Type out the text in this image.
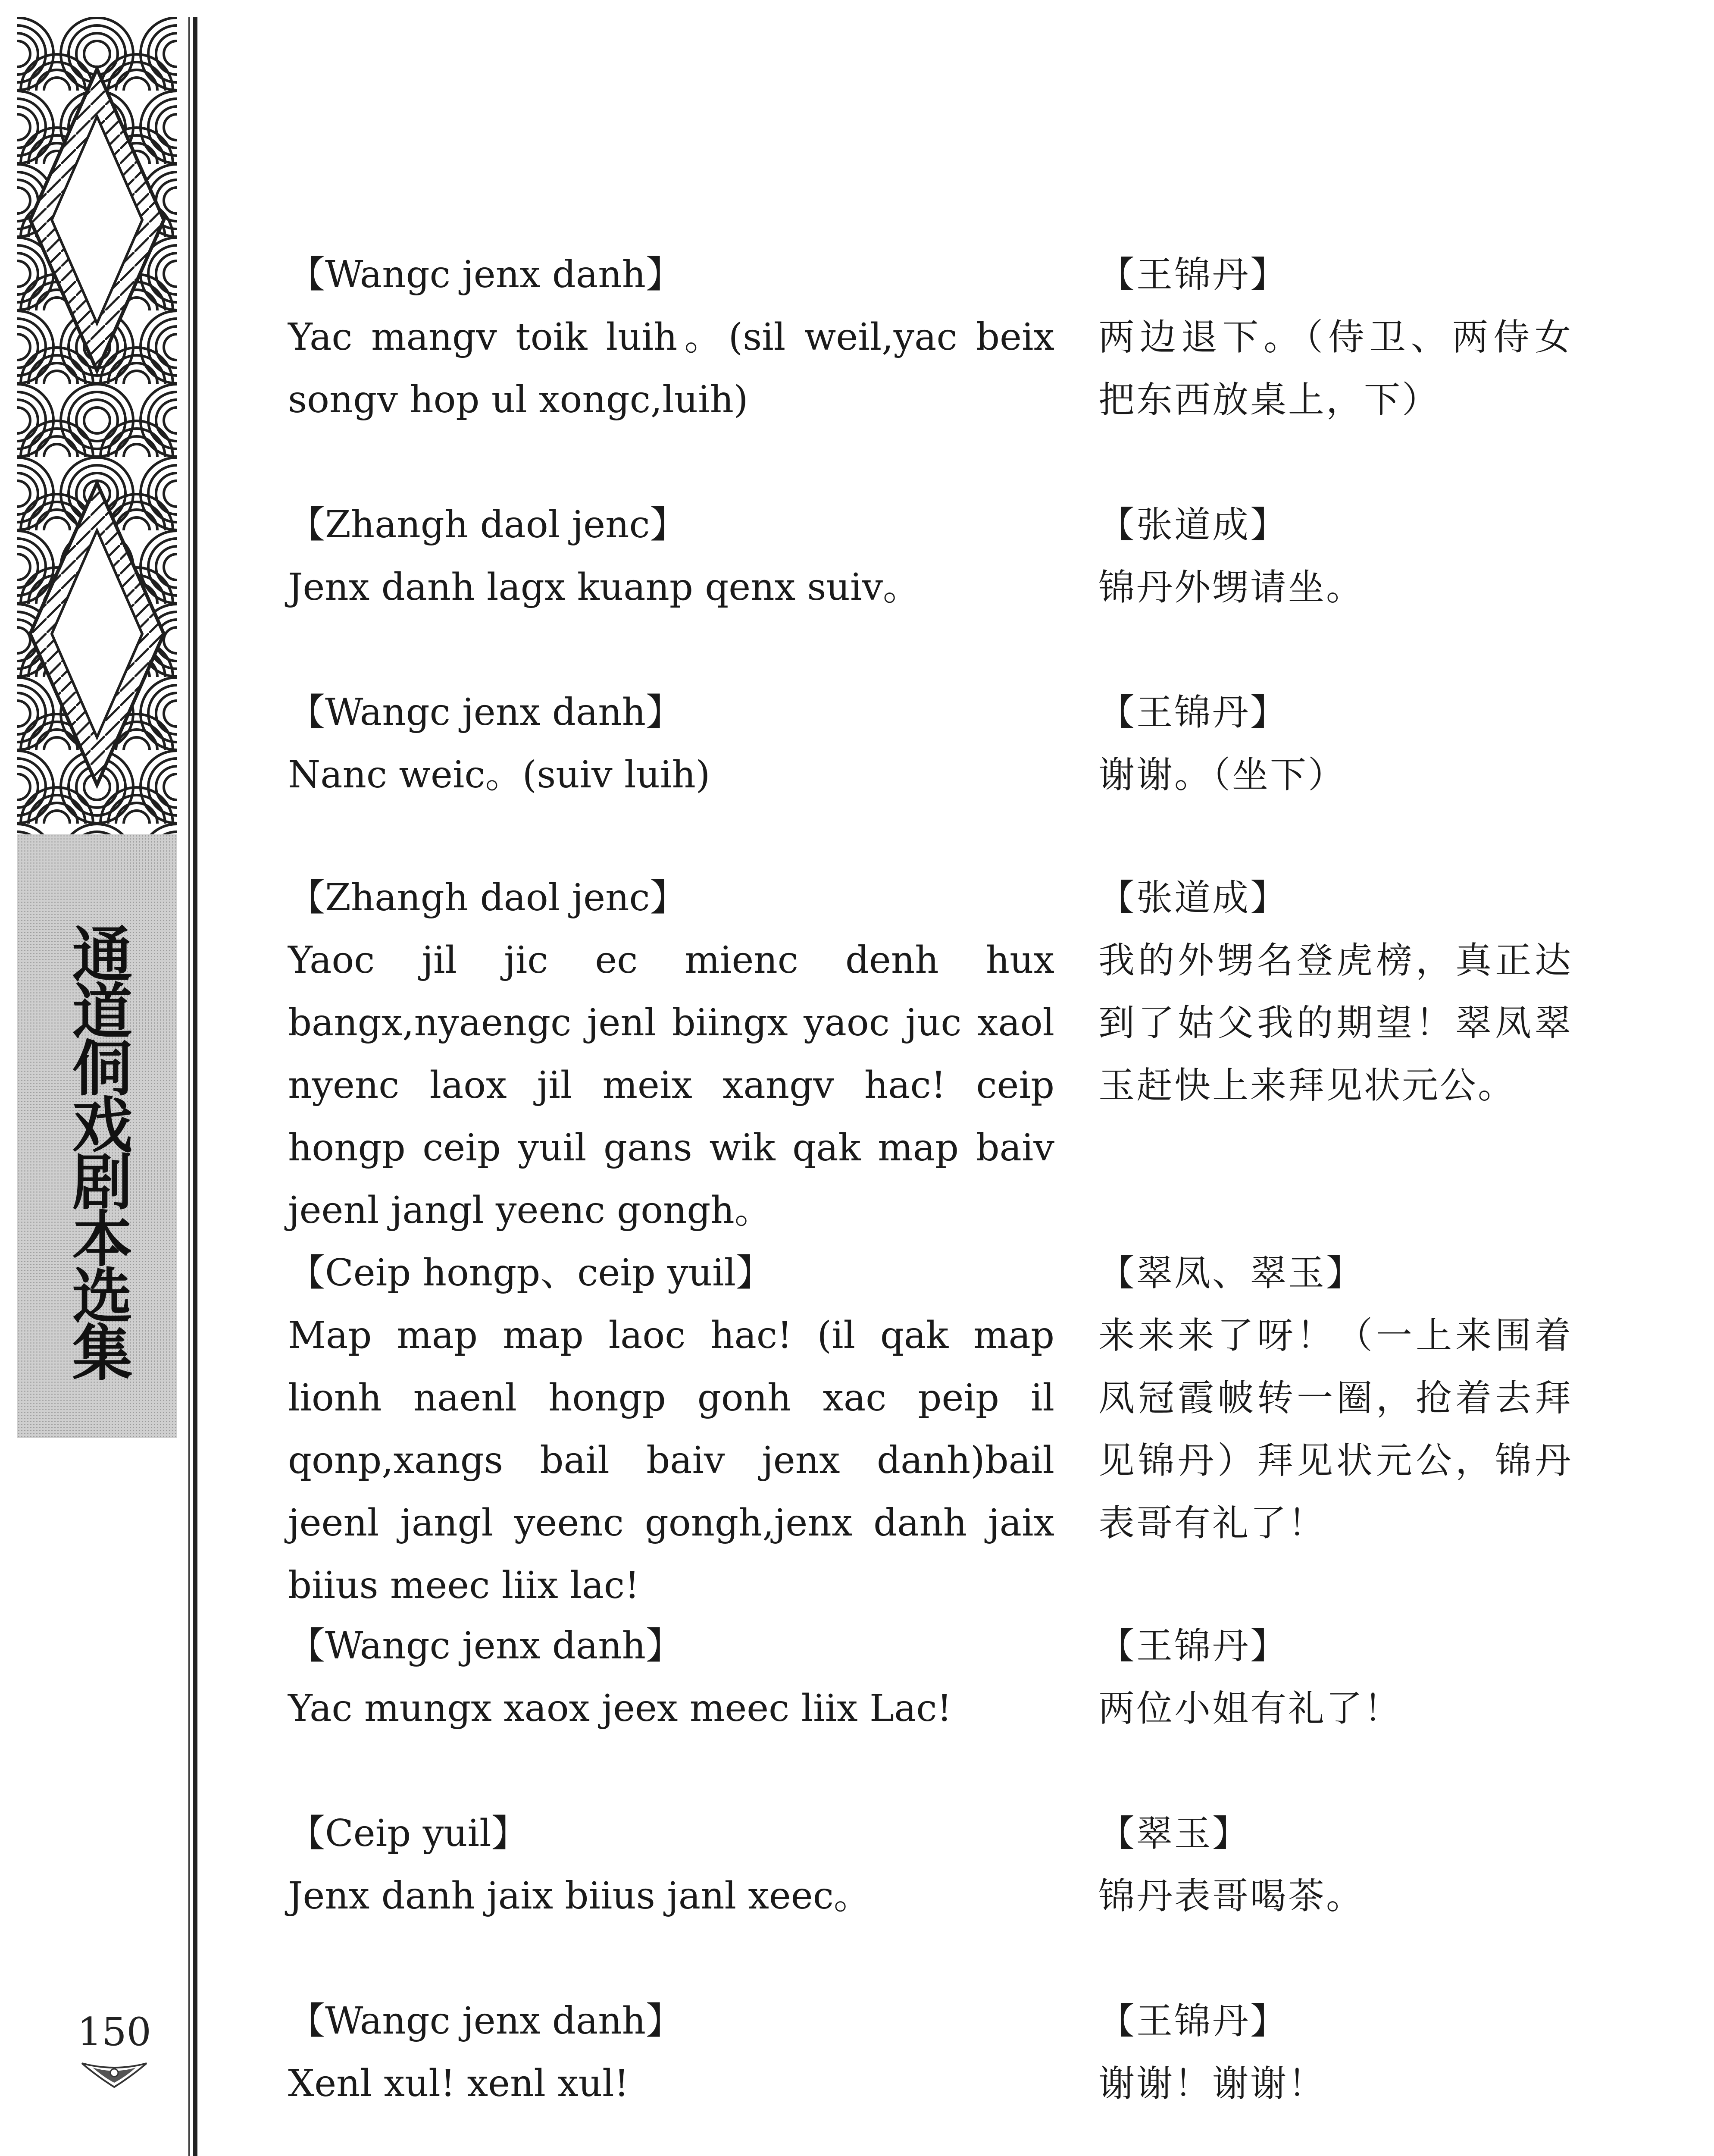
通道侗戏剧本选集
150

【Wangc jenx danh】
Yac mangv toik luih。(sil weil,yac beix songv hop ul xongc,luih)

【王锦丹】
两边退下。（侍卫、两侍女把东西放桌上，下）

【Zhangh daol jenc】
Jenx danh lagx kuanp qenx suiv。

【张道成】
锦丹外甥请坐。

【Wangc jenx danh】
Nanc weic。(suiv luih)

【王锦丹】
谢谢。（坐下）

【Zhangh daol jenc】
Yaoc jil jic ec mienc denh hux bangx,nyaengc jenl biingx yaoc juc xaol nyenc laox jil meix xangv hac! ceip hongp ceip yuil gans wik qak map baiv jeenl jangl yeenc gongh。

【张道成】
我的外甥名登虎榜，真正达到了姑父我的期望！翠凤翠玉赶快上来拜见状元公。

【Ceip hongp、ceip yuil】
Map map map laoc hac! (il qak map lionh naenl hongp gonh xac peip il qonp,xangs bail baiv jenx danh)bail jeenl jangl yeenc gongh,jenx danh jaix biius meec liix lac!

【翠凤、翠玉】
来来来了呀！（一上来围着凤冠霞帔转一圈，抢着去拜见锦丹）拜见状元公，锦丹表哥有礼了！

【Wangc jenx danh】
Yac mungx xaox jeex meec liix Lac!

【王锦丹】
两位小姐有礼了！

【Ceip yuil】
Jenx danh jaix biius janl xeec。

【翠玉】
锦丹表哥喝茶。

【Wangc jenx danh】
Xenl xul! xenl xul!

【王锦丹】
谢谢！谢谢！
